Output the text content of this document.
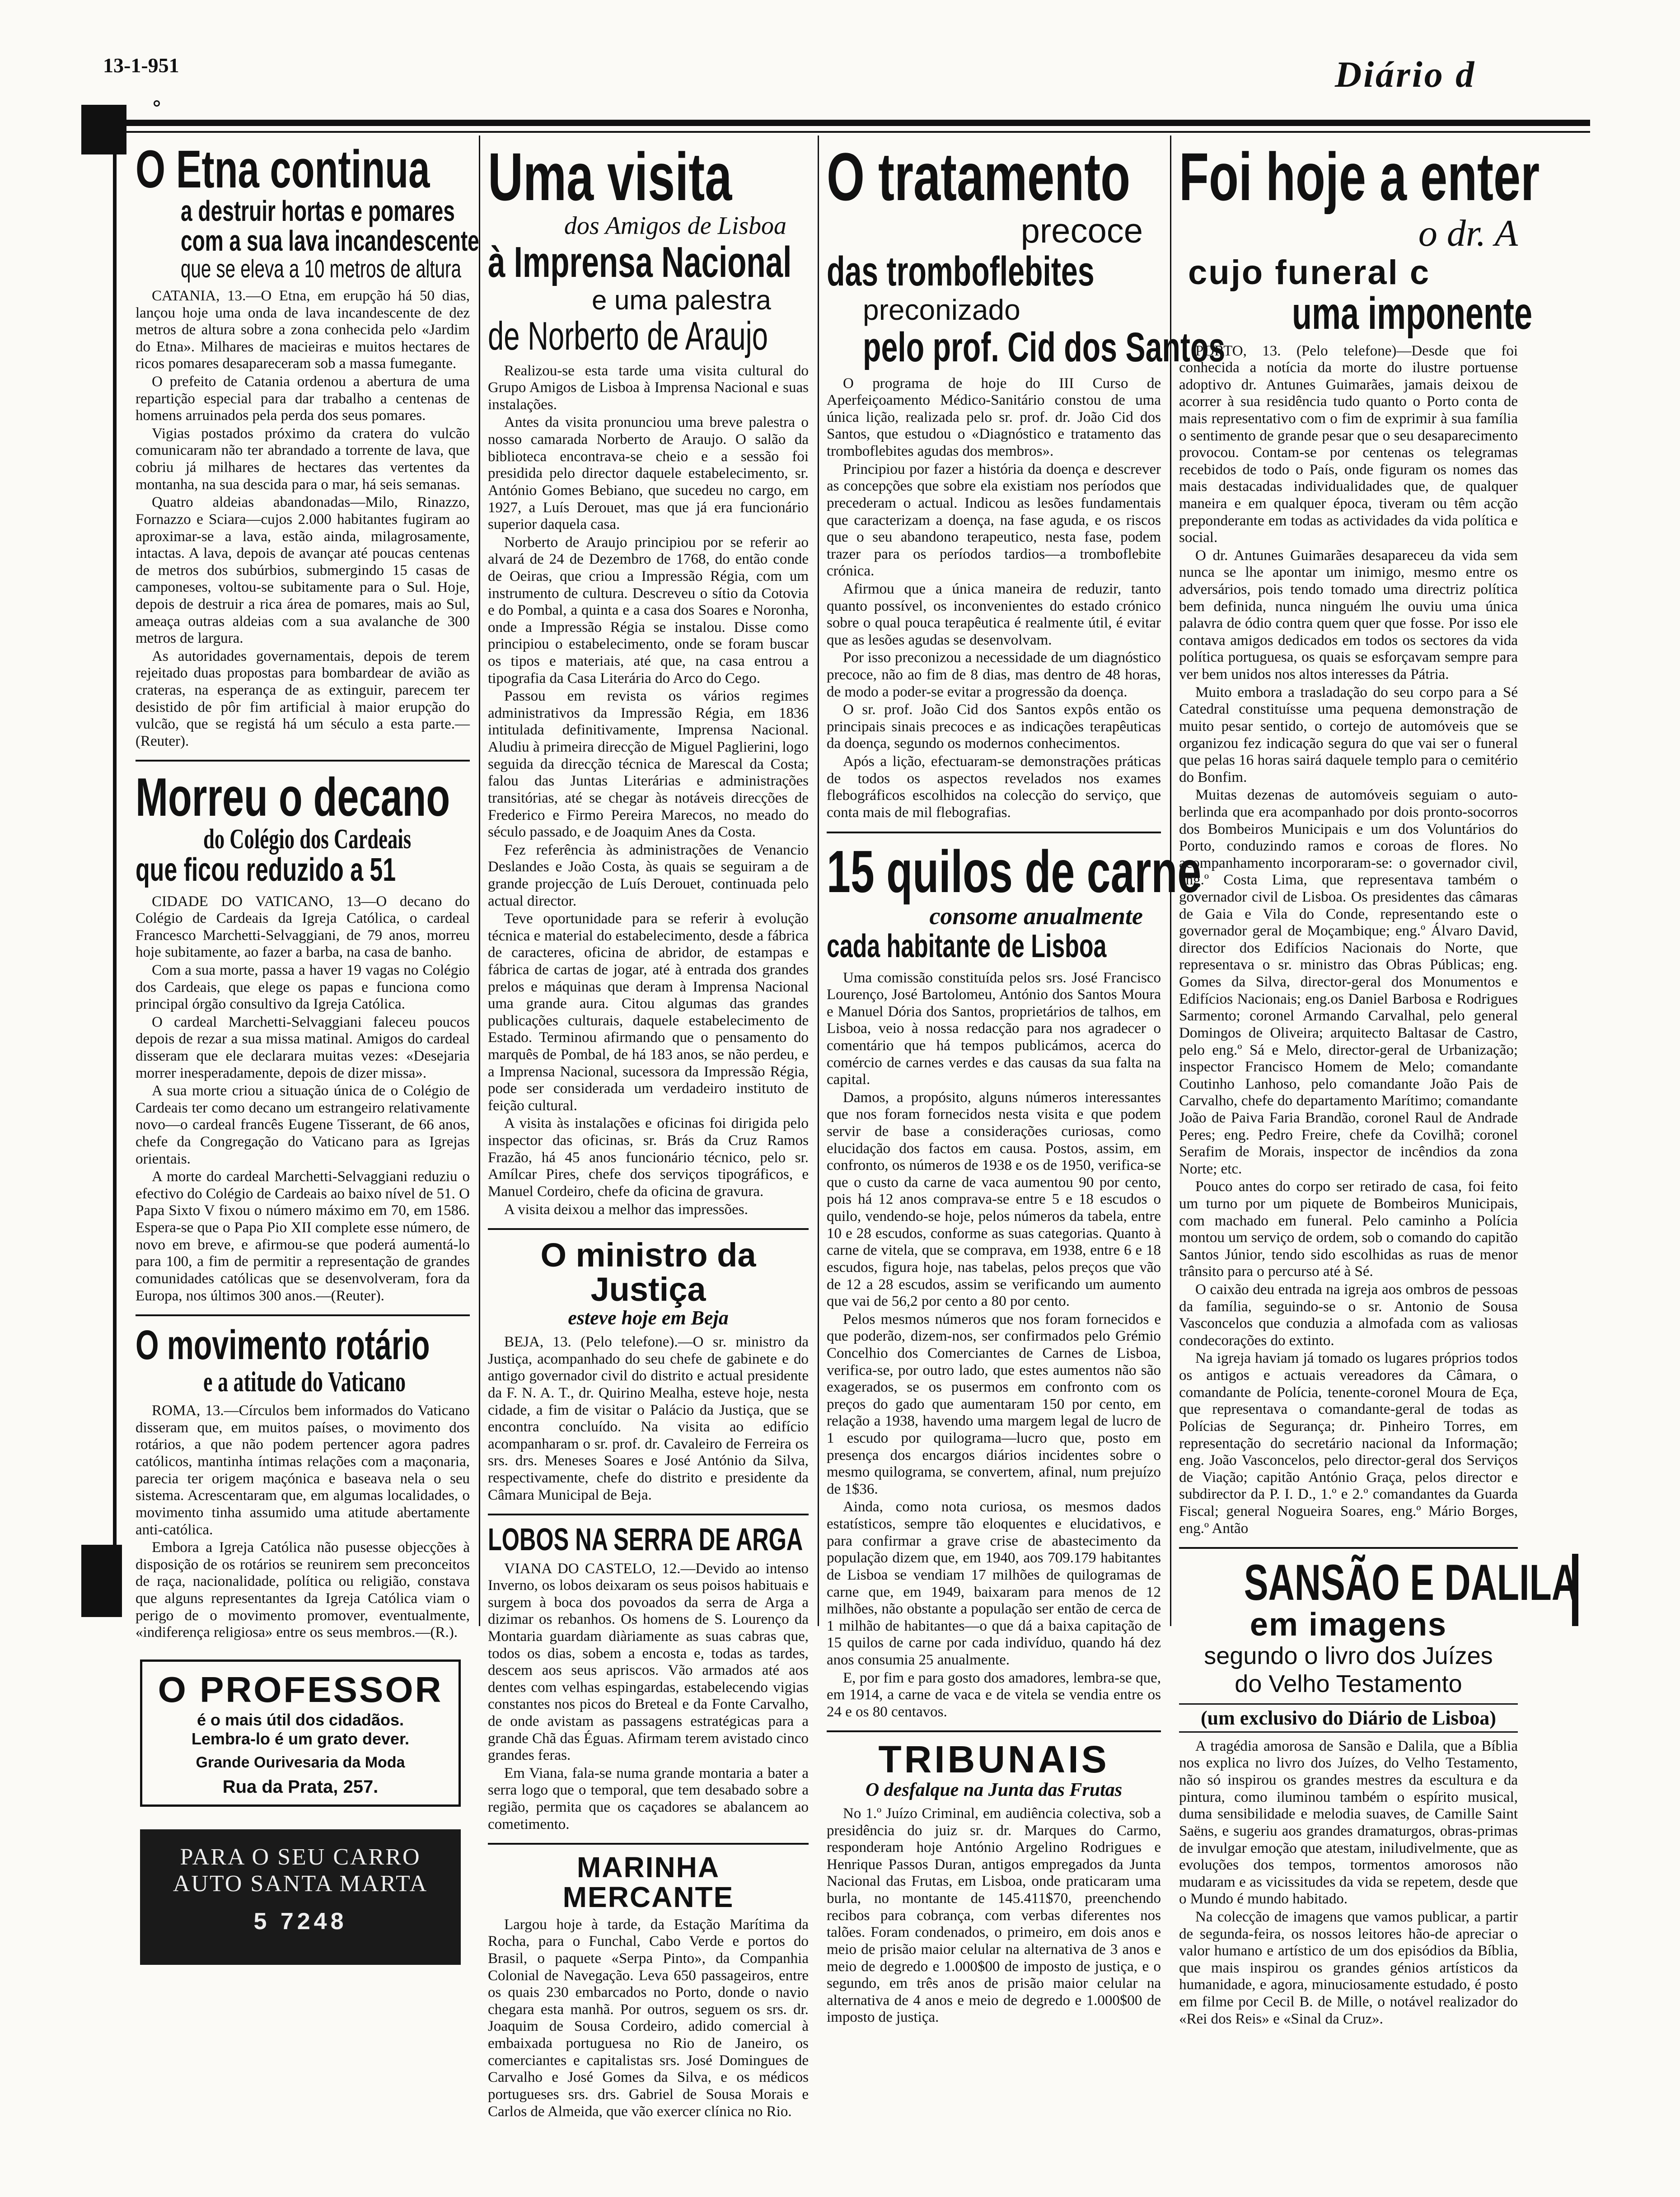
13-1-951	Diário d
O Etna continua
a destruir hortas e pomares
com a sua lava incandescente
que se eleva a 10 metros de altura

CATANIA, 13.—O Etna, em erupção há 50 dias, lançou hoje uma onda de lava incandescente de dez metros de altura sobre a zona conhecida pelo «Jardim do Etna». Milhares de macieiras e muitos hectares de ricos pomares desapareceram sob a massa fumegante.

O prefeito de Catania ordenou a abertura de uma repartição especial para dar trabalho a centenas de homens arruinados pela perda dos seus pomares.

Vigias postados próximo da cratera do vulcão comunicaram não ter abrandado a torrente de lava, que cobriu já milhares de hectares das vertentes da montanha, na sua descida para o mar, há seis semanas.

Quatro aldeias abandonadas—Milo, Rinazzo, Fornazzo e Sciara—cujos 2.000 habitantes fugiram ao aproximar-se a lava, estão ainda, milagrosamente, intactas. A lava, depois de avançar até poucas centenas de metros dos subúrbios, submergindo 15 casas de camponeses, voltou-se subitamente para o Sul. Hoje, depois de destruir a rica área de pomares, mais ao Sul, ameaça outras aldeias com a sua avalanche de 300 metros de largura.

As autoridades governamentais, depois de terem rejeitado duas propostas para bombardear de avião as crateras, na esperança de as extinguir, parecem ter desistido de pôr fim artificial à maior erupção do vulcão, que se registá há um século a esta parte.—(Reuter).

Morreu o decano
do Colégio dos Cardeais
que ficou reduzido a 51

CIDADE DO VATICANO, 13—O decano do Colégio de Cardeais da Igreja Católica, o cardeal Francesco Marchetti-Selvaggiani, de 79 anos, morreu hoje subitamente, ao fazer a barba, na casa de banho.

Com a sua morte, passa a haver 19 vagas no Colégio dos Cardeais, que elege os papas e funciona como principal órgão consultivo da Igreja Católica.

O cardeal Marchetti-Selvaggiani faleceu poucos depois de rezar a sua missa matinal. Amigos do cardeal disseram que ele declarara muitas vezes: «Desejaria morrer inesperadamente, depois de dizer missa».

A sua morte criou a situação única de o Colégio de Cardeais ter como decano um estrangeiro relativamente novo—o cardeal francês Eugene Tisserant, de 66 anos, chefe da Congregação do Vaticano para as Igrejas orientais.

A morte do cardeal Marchetti-Selvaggiani reduziu o efectivo do Colégio de Cardeais ao baixo nível de 51. O Papa Sixto V fixou o número máximo em 70, em 1586. Espera-se que o Papa Pio XII complete esse número, de novo em breve, e afirmou-se que poderá aumentá-lo para 100, a fim de permitir a representação de grandes comunidades católicas que se desenvolveram, fora da Europa, nos últimos 300 anos.—(Reuter).

O movimento rotário
e a atitude do Vaticano

ROMA, 13.—Círculos bem informados do Vaticano disseram que, em muitos países, o movimento dos rotários, a que não podem pertencer agora padres católicos, mantinha íntimas relações com a maçonaria, parecia ter origem maçónica e baseava nela o seu sistema. Acrescentaram que, em algumas localidades, o movimento tinha assumido uma atitude abertamente anti-católica.

Embora a Igreja Católica não pusesse objecções à disposição de os rotários se reunirem sem preconceitos de raça, nacionalidade, política ou religião, constava que alguns representantes da Igreja Católica viam o perigo de o movimento promover, eventualmente, «indiferença religiosa» entre os seus membros.—(R.).

O PROFESSOR
é o mais útil dos cidadãos.
Lembra-lo é um grato dever.
Grande Ourivesaria da Moda
Rua da Prata, 257.
PARA O SEU CARRO
AUTO SANTA MARTA
5 7248
Uma visita
dos Amigos de Lisboa
à Imprensa Nacional
e uma palestra
de Norberto de Araujo

Realizou-se esta tarde uma visita cultural do Grupo Amigos de Lisboa à Imprensa Nacional e suas instalações.

Antes da visita pronunciou uma breve palestra o nosso camarada Norberto de Araujo. O salão da biblioteca encontrava-se cheio e a sessão foi presidida pelo director daquele estabelecimento, sr. António Gomes Bebiano, que sucedeu no cargo, em 1927, a Luís Derouet, mas que já era funcionário superior daquela casa.

Norberto de Araujo principiou por se referir ao alvará de 24 de Dezembro de 1768, do então conde de Oeiras, que criou a Impressão Régia, com um instrumento de cultura. Descreveu o sítio da Cotovia e do Pombal, a quinta e a casa dos Soares e Noronha, onde a Impressão Régia se instalou. Disse como principiou o estabelecimento, onde se foram buscar os tipos e materiais, até que, na casa entrou a tipografia da Casa Literária do Arco do Cego.

Passou em revista os vários regimes administrativos da Impressão Régia, em 1836 intitulada definitivamente, Imprensa Nacional. Aludiu à primeira direcção de Miguel Paglierini, logo seguida da direcção técnica de Marescal da Costa; falou das Juntas Literárias e administrações transitórias, até se chegar às notáveis direcções de Frederico e Firmo Pereira Marecos, no meado do século passado, e de Joaquim Anes da Costa.

Fez referência às administrações de Venancio Deslandes e João Costa, às quais se seguiram a de grande projecção de Luís Derouet, continuada pelo actual director.

Teve oportunidade para se referir à evolução técnica e material do estabelecimento, desde a fábrica de caracteres, oficina de abridor, de estampas e fábrica de cartas de jogar, até à entrada dos grandes prelos e máquinas que deram à Imprensa Nacional uma grande aura. Citou algumas das grandes publicações culturais, daquele estabelecimento de Estado. Terminou afirmando que o pensamento do marquês de Pombal, de há 183 anos, se não perdeu, e a Imprensa Nacional, sucessora da Impressão Régia, pode ser considerada um verdadeiro instituto de feição cultural.

A visita às instalações e oficinas foi dirigida pelo inspector das oficinas, sr. Brás da Cruz Ramos Frazão, há 45 anos funcionário técnico, pelo sr. Amílcar Pires, chefe dos serviços tipográficos, e Manuel Cordeiro, chefe da oficina de gravura.

A visita deixou a melhor das impressões.

O ministro da Justiça
esteve hoje em Beja

BEJA, 13. (Pelo telefone).—O sr. ministro da Justiça, acompanhado do seu chefe de gabinete e do antigo governador civil do distrito e actual presidente da F. N. A. T., dr. Quirino Mealha, esteve hoje, nesta cidade, a fim de visitar o Palácio da Justiça, que se encontra concluído. Na visita ao edifício acompanharam o sr. prof. dr. Cavaleiro de Ferreira os srs. drs. Meneses Soares e José António da Silva, respectivamente, chefe do distrito e presidente da Câmara Municipal de Beja.

LOBOS NA SERRA DE ARGA

VIANA DO CASTELO, 12.—Devido ao intenso Inverno, os lobos deixaram os seus poisos habituais e surgem à boca dos povoados da serra de Arga a dizimar os rebanhos. Os homens de S. Lourenço da Montaria guardam diàriamente as suas cabras que, todos os dias, sobem a encosta e, todas as tardes, descem aos seus apriscos. Vão armados até aos dentes com velhas espingardas, estabelecendo vigias constantes nos picos do Breteal e da Fonte Carvalho, de onde avistam as passagens estratégicas para a grande Chã das Éguas. Afirmam terem avistado cinco grandes feras.

Em Viana, fala-se numa grande montaria a bater a serra logo que o temporal, que tem desabado sobre a região, permita que os caçadores se abalancem ao cometimento.

MARINHA MERCANTE

Largou hoje à tarde, da Estação Marítima da Rocha, para o Funchal, Cabo Verde e portos do Brasil, o paquete «Serpa Pinto», da Companhia Colonial de Navegação. Leva 650 passageiros, entre os quais 230 embarcados no Porto, donde o navio chegara esta manhã. Por outros, seguem os srs. dr. Joaquim de Sousa Cordeiro, adido comercial à embaixada portuguesa no Rio de Janeiro, os comerciantes e capitalistas srs. José Domingues de Carvalho e José Gomes da Silva, e os médicos portugueses srs. drs. Gabriel de Sousa Morais e Carlos de Almeida, que vão exercer clínica no Rio.

O tratamento
precoce
das tromboflebites
preconizado
pelo prof. Cid dos Santos

O programa de hoje do III Curso de Aperfeiçoamento Médico-Sanitário constou de uma única lição, realizada pelo sr. prof. dr. João Cid dos Santos, que estudou o «Diagnóstico e tratamento das tromboflebites agudas dos membros».

Principiou por fazer a história da doença e descrever as concepções que sobre ela existiam nos períodos que precederam o actual. Indicou as lesões fundamentais que caracterizam a doença, na fase aguda, e os riscos que o seu abandono terapeutico, nesta fase, podem trazer para os períodos tardios—a tromboflebite crónica.

Afirmou que a única maneira de reduzir, tanto quanto possível, os inconvenientes do estado crónico sobre o qual pouca terapêutica é realmente útil, é evitar que as lesões agudas se desenvolvam.

Por isso preconizou a necessidade de um diagnóstico precoce, não ao fim de 8 dias, mas dentro de 48 horas, de modo a poder-se evitar a progressão da doença.

O sr. prof. João Cid dos Santos expôs então os principais sinais precoces e as indicações terapêuticas da doença, segundo os modernos conhecimentos.

Após a lição, efectuaram-se demonstrações práticas de todos os aspectos revelados nos exames flebográficos escolhidos na colecção do serviço, que conta mais de mil flebografias.

15 quilos de carne
consome anualmente
cada habitante de Lisboa

Uma comissão constituída pelos srs. José Francisco Lourenço, José Bartolomeu, António dos Santos Moura e Manuel Dória dos Santos, proprietários de talhos, em Lisboa, veio à nossa redacção para nos agradecer o comentário que há tempos publicámos, acerca do comércio de carnes verdes e das causas da sua falta na capital.

Damos, a propósito, alguns números interessantes que nos foram fornecidos nesta visita e que podem servir de base a considerações curiosas, como elucidação dos factos em causa. Postos, assim, em confronto, os números de 1938 e os de 1950, verifica-se que o custo da carne de vaca aumentou 90 por cento, pois há 12 anos comprava-se entre 5 e 18 escudos o quilo, vendendo-se hoje, pelos números da tabela, entre 10 e 28 escudos, conforme as suas categorias. Quanto à carne de vitela, que se comprava, em 1938, entre 6 e 18 escudos, figura hoje, nas tabelas, pelos preços que vão de 12 a 28 escudos, assim se verificando um aumento que vai de 56,2 por cento a 80 por cento.

Pelos mesmos números que nos foram fornecidos e que poderão, dizem-nos, ser confirmados pelo Grémio Concelhio dos Comerciantes de Carnes de Lisboa, verifica-se, por outro lado, que estes aumentos não são exagerados, se os pusermos em confronto com os preços do gado que aumentaram 150 por cento, em relação a 1938, havendo uma margem legal de lucro de 1 escudo por quilograma—lucro que, posto em presença dos encargos diários incidentes sobre o mesmo quilograma, se convertem, afinal, num prejuízo de 1$36.

Ainda, como nota curiosa, os mesmos dados estatísticos, sempre tão eloquentes e elucidativos, e para confirmar a grave crise de abastecimento da população dizem que, em 1940, aos 709.179 habitantes de Lisboa se vendiam 17 milhões de quilogramas de carne que, em 1949, baixaram para menos de 12 milhões, não obstante a população ser então de cerca de 1 milhão de habitantes—o que dá a baixa capitação de 15 quilos de carne por cada indivíduo, quando há dez anos consumia 25 anualmente.

E, por fim e para gosto dos amadores, lembra-se que, em 1914, a carne de vaca e de vitela se vendia entre os 24 e os 80 centavos.

TRIBUNAIS
O desfalque na Junta das Frutas

No 1.º Juízo Criminal, em audiência colectiva, sob a presidência do juiz sr. dr. Marques do Carmo, responderam hoje António Argelino Rodrigues e Henrique Passos Duran, antigos empregados da Junta Nacional das Frutas, em Lisboa, onde praticaram uma burla, no montante de 145.411$70, preenchendo recibos para cobrança, com verbas diferentes nos talões. Foram condenados, o primeiro, em dois anos e meio de prisão maior celular na alternativa de 3 anos e meio de degredo e 1.000$00 de imposto de justiça, e o segundo, em três anos de prisão maior celular na alternativa de 4 anos e meio de degredo e 1.000$00 de imposto de justiça.

Foi hoje a enter
o dr. A
cujo funeral c
uma imponente

PORTO, 13. (Pelo telefone)—Desde que foi conhecida a notícia da morte do ilustre portuense adoptivo dr. Antunes Guimarães, jamais deixou de acorrer à sua residência tudo quanto o Porto conta de mais representativo com o fim de exprimir à sua família o sentimento de grande pesar que o seu desaparecimento provocou. Contam-se por centenas os telegramas recebidos de todo o País, onde figuram os nomes das mais destacadas individualidades que, de qualquer maneira e em qualquer época, tiveram ou têm acção preponderante em todas as actividades da vida política e social.

O dr. Antunes Guimarães desapareceu da vida sem nunca se lhe apontar um inimigo, mesmo entre os adversários, pois tendo tomado uma directriz política bem definida, nunca ninguém lhe ouviu uma única palavra de ódio contra quem quer que fosse. Por isso ele contava amigos dedicados em todos os sectores da vida política portuguesa, os quais se esforçavam sempre para ver bem unidos nos altos interesses da Pátria.

Muito embora a trasladação do seu corpo para a Sé Catedral constituísse uma pequena demonstração de muito pesar sentido, o cortejo de automóveis que se organizou fez indicação segura do que vai ser o funeral que pelas 16 horas sairá daquele templo para o cemitério do Bonfim.

Muitas dezenas de automóveis seguiam o auto-berlinda que era acompanhado por dois pronto-socorros dos Bombeiros Municipais e um dos Voluntários do Porto, conduzindo ramos e coroas de flores. No acompanhamento incorporaram-se: o governador civil, eng.º Costa Lima, que representava também o governador civil de Lisboa. Os presidentes das câmaras de Gaia e Vila do Conde, representando este o governador geral de Moçambique; eng.º Álvaro David, director dos Edifícios Nacionais do Norte, que representava o sr. ministro das Obras Públicas; eng. Gomes da Silva, director-geral dos Monumentos e Edifícios Nacionais; eng.os Daniel Barbosa e Rodrigues Sarmento; coronel Armando Carvalhal, pelo general Domingos de Oliveira; arquitecto Baltasar de Castro, pelo eng.º Sá e Melo, director-geral de Urbanização; inspector Francisco Homem de Melo; comandante Coutinho Lanhoso, pelo comandante João Pais de Carvalho, chefe do departamento Marítimo; comandante João de Paiva Faria Brandão, coronel Raul de Andrade Peres; eng. Pedro Freire, chefe da Covilhã; coronel Serafim de Morais, inspector de incêndios da zona Norte; etc.

Pouco antes do corpo ser retirado de casa, foi feito um turno por um piquete de Bombeiros Municipais, com machado em funeral. Pelo caminho a Polícia montou um serviço de ordem, sob o comando do capitão Santos Júnior, tendo sido escolhidas as ruas de menor trânsito para o percurso até à Sé.

O caixão deu entrada na igreja aos ombros de pessoas da família, seguindo-se o sr. Antonio de Sousa Vasconcelos que conduzia a almofada com as valiosas condecorações do extinto.

Na igreja haviam já tomado os lugares próprios todos os antigos e actuais vereadores da Câmara, o comandante de Polícia, tenente-coronel Moura de Eça, que representava o comandante-geral de todas as Polícias de Segurança; dr. Pinheiro Torres, em representação do secretário nacional da Informação; eng. João Vasconcelos, pelo director-geral dos Serviços de Viação; capitão António Graça, pelos director e subdirector da P. I. D., 1.º e 2.º comandantes da Guarda Fiscal; general Nogueira Soares, eng.º Mário Borges, eng.º Antão

SANSÃO E DALILA
em imagens
segundo o livro dos Juízes
do Velho Testamento
(um exclusivo do Diário de Lisboa)

A tragédia amorosa de Sansão e Dalila, que a Bíblia nos explica no livro dos Juízes, do Velho Testamento, não só inspirou os grandes mestres da escultura e da pintura, como iluminou também o espírito musical, duma sensibilidade e melodia suaves, de Camille Saint Saëns, e sugeriu aos grandes dramaturgos, obras-primas de invulgar emoção que atestam, iniludivelmente, que as evoluções dos tempos, tormentos amorosos não mudaram e as vicissitudes da vida se repetem, desde que o Mundo é mundo habitado.

Na colecção de imagens que vamos publicar, a partir de segunda-feira, os nossos leitores hão-de apreciar o valor humano e artístico de um dos episódios da Bíblia, que mais inspirou os grandes génios artísticos da humanidade, e agora, minuciosamente estudado, é posto em filme por Cecil B. de Mille, o notável realizador do «Rei dos Reis» e «Sinal da Cruz».
